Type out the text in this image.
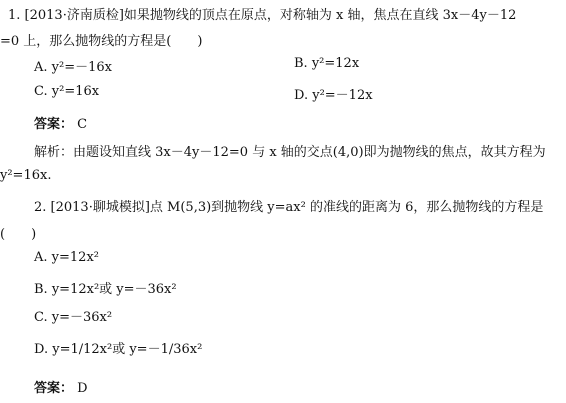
1. [2013·济南质检]如果抛物线的顶点在原点，对称轴为 x 轴，焦点在直线 3x－4y－12
=0 上，那么抛物线的方程是(　　)
A. y²=－16x	B. y²=12x
C. y²=16x	D. y²=－12x
答案： C
解析：由题设知直线 3x－4y－12=0 与 x 轴的交点(4,0)即为抛物线的焦点，故其方程为
y²=16x.
2. [2013·聊城模拟]点 M(5,3)到抛物线 y=ax² 的准线的距离为 6，那么抛物线的方程是
(　　)
A. y=12x²
B. y=12x²或 y=－36x²
C. y=－36x²
D. y=1/12x²或 y=－1/36x²
答案： D
